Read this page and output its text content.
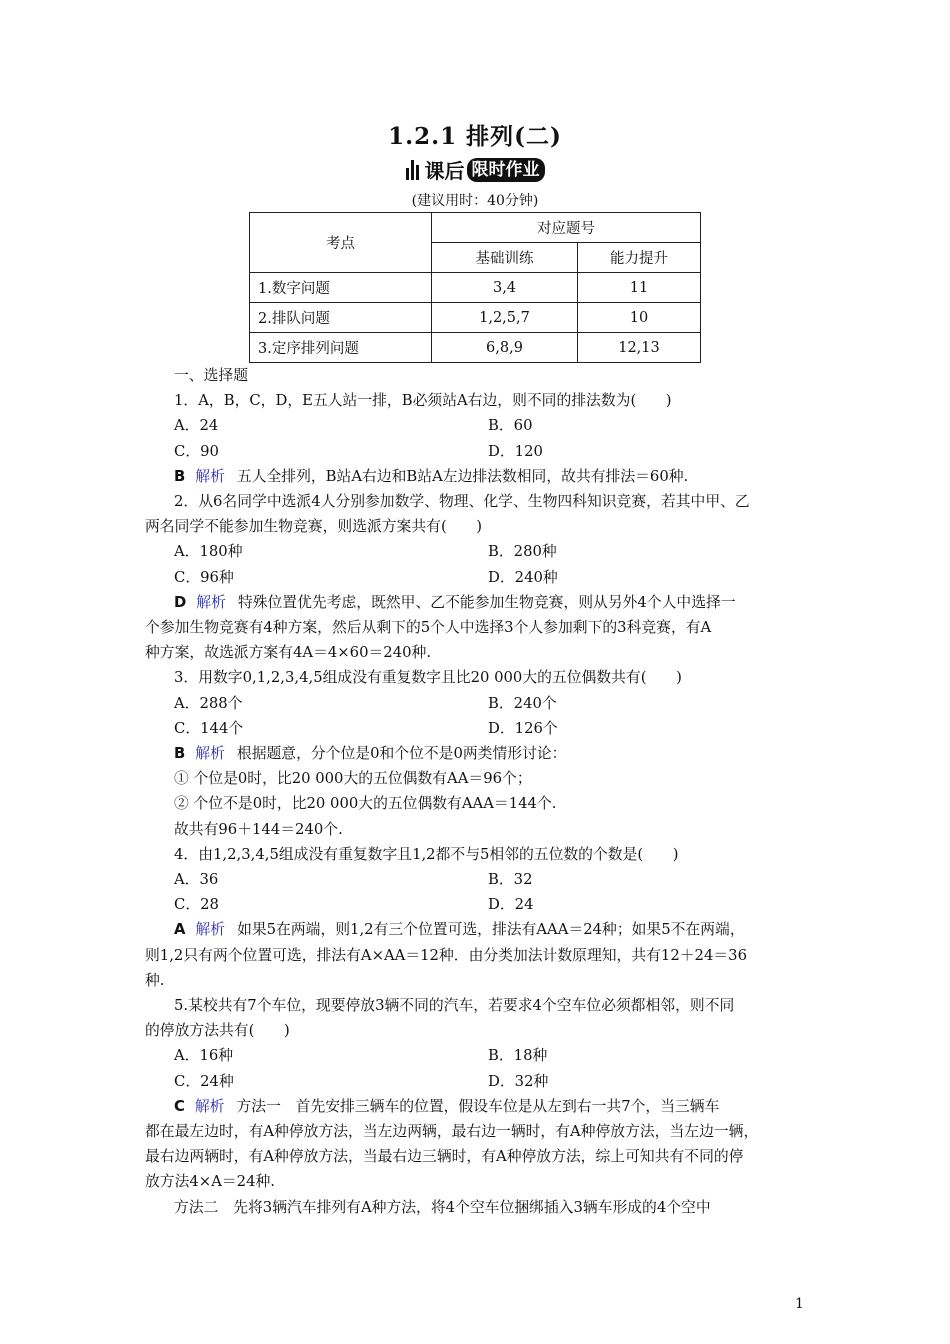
1.2.1 排列(二)
课后 限时作业
(建议用时：40分钟)
考点	对应题号	
	基础训练	能力提升
1.数字问题	3,4	11
2.排队问题	1,2,5,7	10
3.定序排列问题	6,8,9	12,13

一、选择题

1．A，B，C，D，E五人站一排，B必须站A右边，则不同的排法数为(　　)

A．24	B．60
C．90	D．120

B 解析 五人全排列，B站A右边和B站A左边排法数相同，故共有排法＝60种.

2．从6名同学中选派4人分别参加数学、物理、化学、生物四科知识竞赛，若其中甲、乙

两名同学不能参加生物竞赛，则选派方案共有(　　)

A．180种	B．280种
C．96种	D．240种

D 解析 特殊位置优先考虑，既然甲、乙不能参加生物竞赛，则从另外4个人中选择一

个参加生物竞赛有4种方案，然后从剩下的5个人中选择3个人参加剩下的3科竞赛，有A

种方案，故选派方案有4A＝4×60＝240种.

3．用数字0,1,2,3,4,5组成没有重复数字且比20 000大的五位偶数共有(　　)

A．288个	B．240个
C．144个	D．126个

B 解析 根据题意，分个位是0和个位不是0两类情形讨论：

① 个位是0时，比20 000大的五位偶数有AA＝96个；

② 个位不是0时，比20 000大的五位偶数有AAA＝144个.

故共有96＋144＝240个.

4．由1,2,3,4,5组成没有重复数字且1,2都不与5相邻的五位数的个数是(　　)

A．36	B．32
C．28	D．24

A 解析 如果5在两端，则1,2有三个位置可选，排法有AAA＝24种；如果5不在两端，

则1,2只有两个位置可选，排法有A×AA＝12种．由分类加法计数原理知，共有12＋24＝36

种.

5.某校共有7个车位，现要停放3辆不同的汽车，若要求4个空车位必须都相邻，则不同

的停放方法共有(　　)

A．16种	B．18种
C．24种	D．32种

C 解析 方法一　首先安排三辆车的位置，假设车位是从左到右一共7个，当三辆车

都在最左边时，有A种停放方法，当左边两辆，最右边一辆时，有A种停放方法，当左边一辆，

最右边两辆时，有A种停放方法，当最右边三辆时，有A种停放方法，综上可知共有不同的停

放方法4×A＝24种.

方法二　先将3辆汽车排列有A种方法，将4个空车位捆绑插入3辆车形成的4个空中

1
